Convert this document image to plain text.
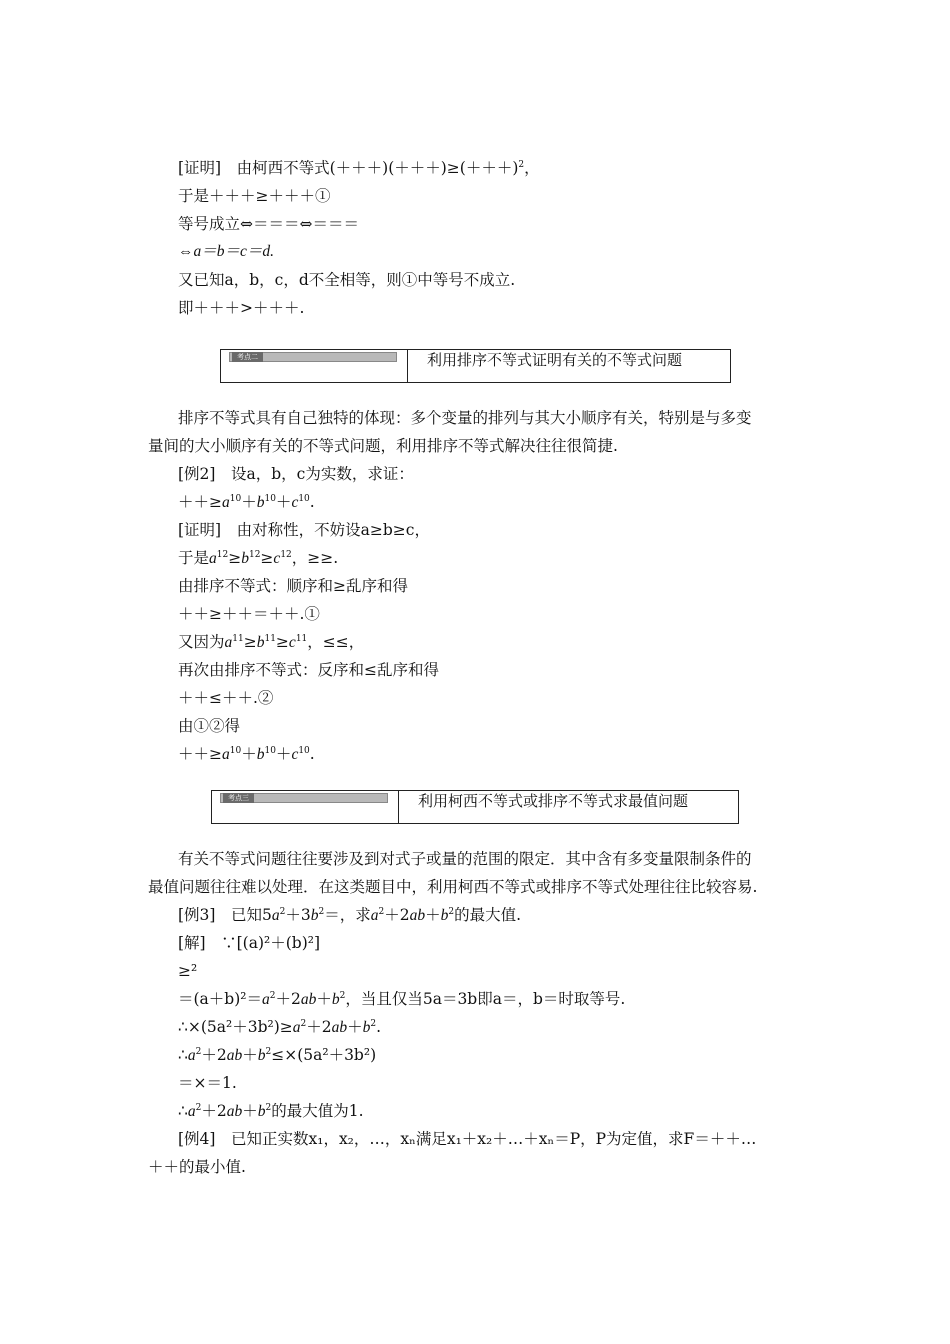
[证明]　由柯西不等式$(+++)(+++)\ge(+++)^2$，
于是＋＋＋≥＋＋＋①
等号成立⇔＝＝＝⇔＝＝＝
⇔a＝b＝c＝d.
又已知a，b，c，d不全相等，则①中等号不成立.
即＋＋＋>＋＋＋.
考点二	利用排序不等式证明有关的不等式问题
排序不等式具有自己独特的体现：多个变量的排列与其大小顺序有关，特别是与多变
量间的大小顺序有关的不等式问题，利用排序不等式解决往往很简捷.
[例2]　 设a，b，c为实数，求证：
$++\ge a^{10}+b^{10}+c^{10}$.
[证明]　 由对称性，不妨设a≥b≥c，
于是$a^{12}\ge b^{12}\ge c^{12}$，≥≥.
由排序不等式：顺序和≥乱序和得
＋＋≥＋＋＝＋＋.①
又因为$a^{11}\ge b^{11}\ge c^{11}$，≤≤，
再次由排序不等式：反序和≤乱序和得
＋＋≤＋＋.②
由①②得
$++\ge a^{10}+b^{10}+c^{10}$.
考点三	利用柯西不等式或排序不等式求最值问题
有关不等式问题往往要涉及到对式子或量的范围的限定．其中含有多变量限制条件的
最值问题往往难以处理．在这类题目中，利用柯西不等式或排序不等式处理往往比较容易.
[例3]　已知$5a^2+3b^2=$，求$a^2+2ab+b^2$的最大值.
[解]　 ∵[(a)²＋(b)²]
≥²
$=(a+b)^2=a^2+2ab+b^2$，当且仅当5a＝3b即a＝，b＝时取等号.
$\therefore\times(5a^2+3b^2)\ge a^2+2ab+b^2$.
$\therefore a^2+2ab+b^2\le\times(5a^2+3b^2)$
＝×＝1.
$\therefore a^2+2ab+b^2$的最大值为1.
[例4]　 已知正实数x₁，x₂，…，xₙ满足x₁＋x₂＋…＋xₙ＝P，P为定值，求F＝＋＋…
＋＋的最小值.
